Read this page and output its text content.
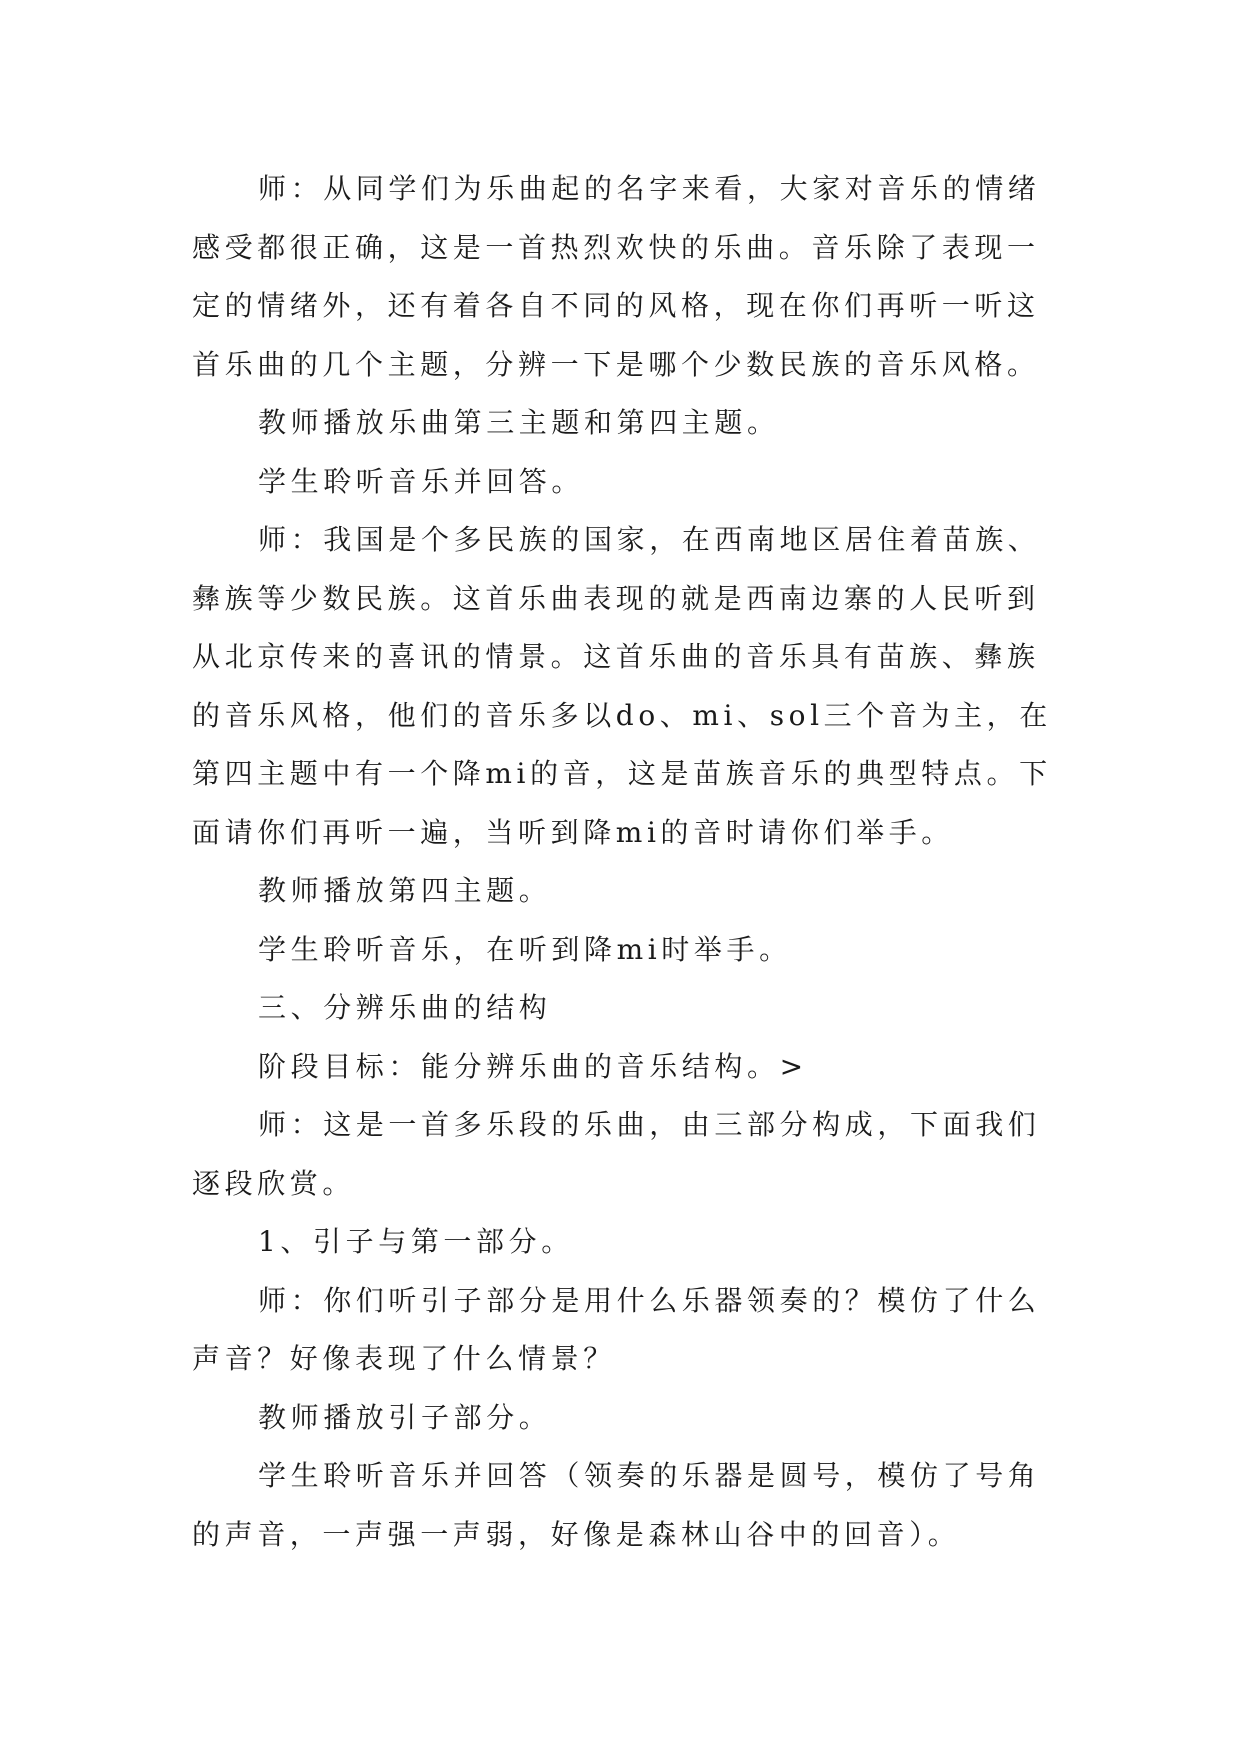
师：从同学们为乐曲起的名字来看，大家对音乐的情绪感受都很正确，这是一首热烈欢快的乐曲。音乐除了表现一定的情绪外，还有着各自不同的风格，现在你们再听一听这首乐曲的几个主题，分辨一下是哪个少数民族的音乐风格。

教师播放乐曲第三主题和第四主题。

学生聆听音乐并回答。

师：我国是个多民族的国家，在西南地区居住着苗族、彝族等少数民族。这首乐曲表现的就是西南边寨的人民听到从北京传来的喜讯的情景。这首乐曲的音乐具有苗族、彝族的音乐风格，他们的音乐多以do、mi、sol三个音为主，在第四主题中有一个降mi的音，这是苗族音乐的典型特点。下面请你们再听一遍，当听到降mi的音时请你们举手。

教师播放第四主题。

学生聆听音乐，在听到降mi时举手。

三、分辨乐曲的结构

阶段目标：能分辨乐曲的音乐结构。>

师：这是一首多乐段的乐曲，由三部分构成，下面我们逐段欣赏。

1、引子与第一部分。

师：你们听引子部分是用什么乐器领奏的？模仿了什么声音？好像表现了什么情景？

教师播放引子部分。

学生聆听音乐并回答（领奏的乐器是圆号，模仿了号角的声音，一声强一声弱，好像是森林山谷中的回音）。
